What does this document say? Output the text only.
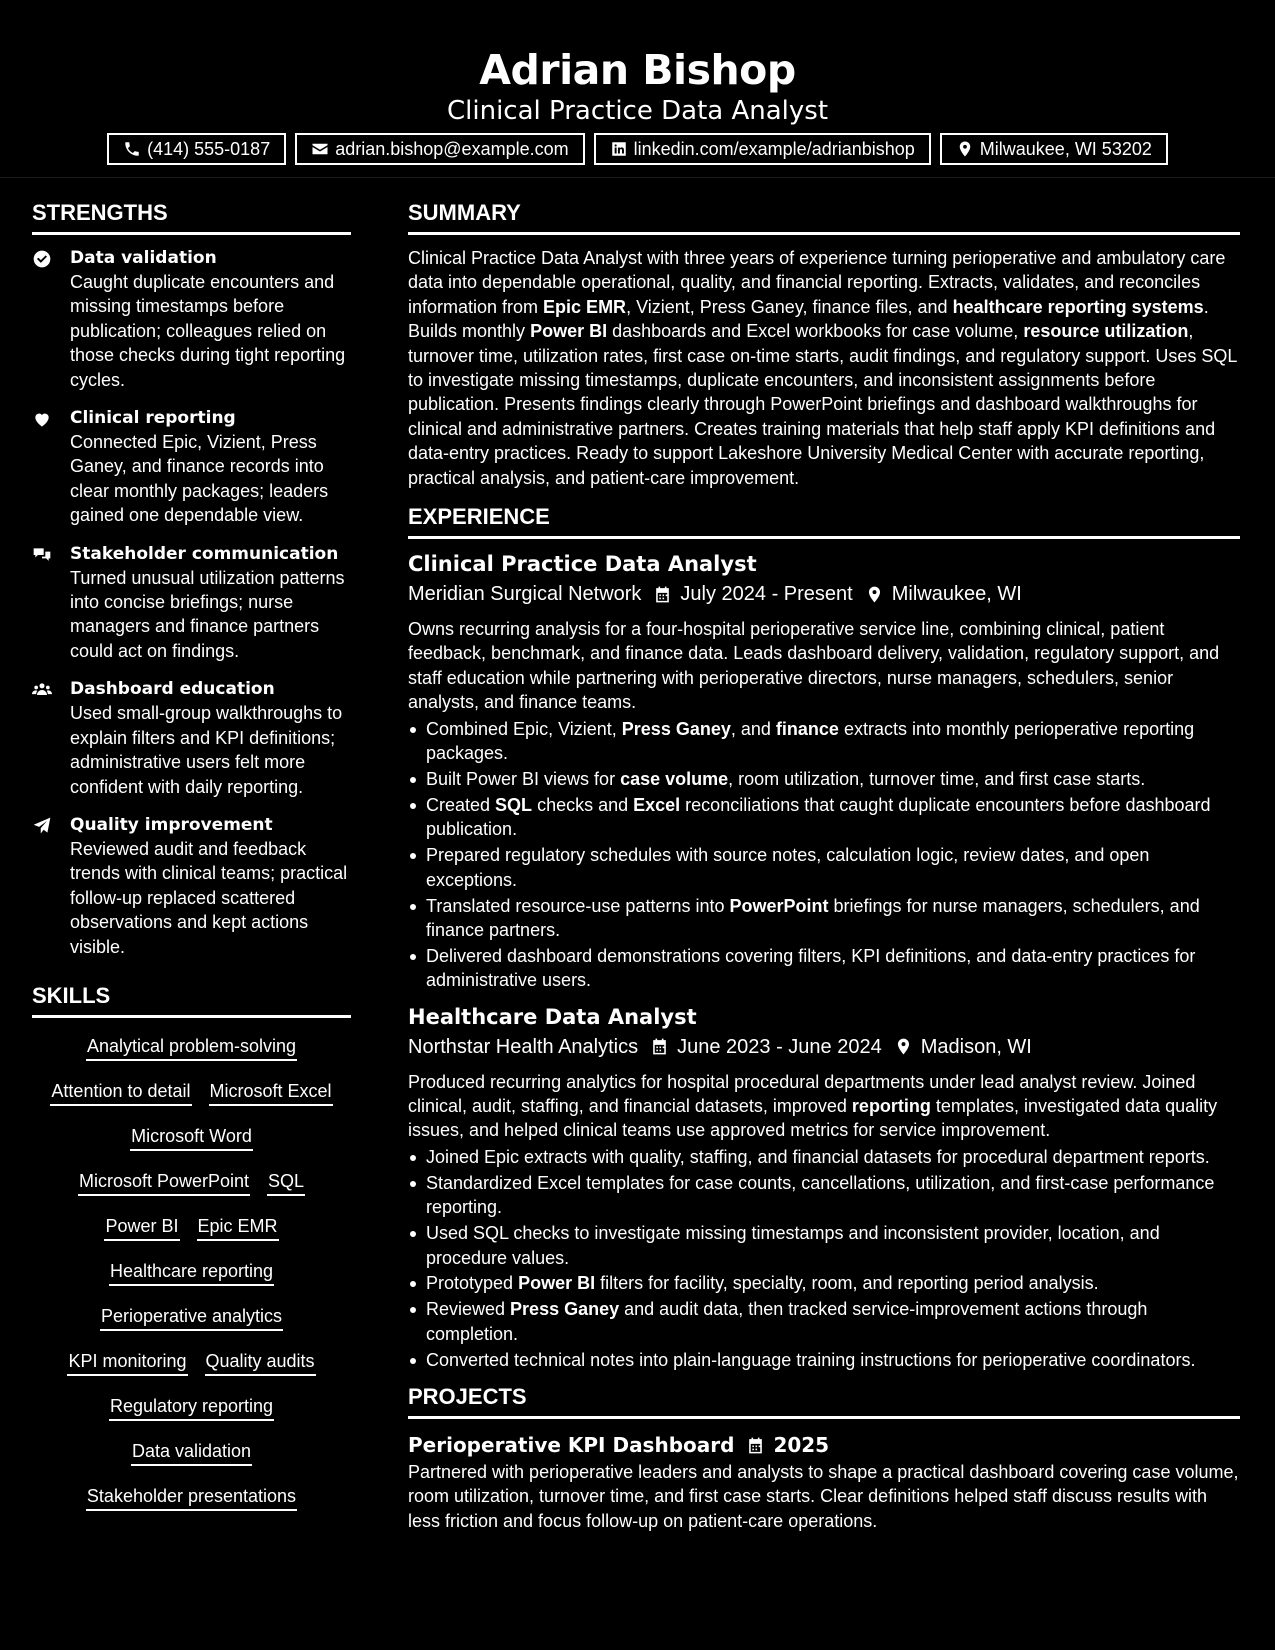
Adrian Bishop
Clinical Practice Data Analyst
(414) 555-0187	adrian.bishop@example.com	linkedin.com/example/adrianbishop	Milwaukee, WI 53202
STRENGTHS
Data validation
Caught duplicate encounters and missing timestamps before publication; colleagues relied on those checks during tight reporting cycles.
Clinical reporting
Connected Epic, Vizient, Press Ganey, and finance records into clear monthly packages; leaders gained one dependable view.
Stakeholder communication
Turned unusual utilization patterns into concise briefings; nurse managers and finance partners could act on findings.
Dashboard education
Used small-group walkthroughs to explain filters and KPI definitions; administrative users felt more confident with daily reporting.
Quality improvement
Reviewed audit and feedback trends with clinical teams; practical follow-up replaced scattered observations and kept actions visible.
SKILLS
Analytical problem-solving
Attention to detail Microsoft Excel
Microsoft Word
Microsoft PowerPoint SQL
Power BI Epic EMR
Healthcare reporting
Perioperative analytics
KPI monitoring Quality audits
Regulatory reporting
Data validation
Stakeholder presentations
SUMMARY
Clinical Practice Data Analyst with three years of experience turning perioperative and ambulatory care data into dependable operational, quality, and financial reporting. Extracts, validates, and reconciles information from Epic EMR, Vizient, Press Ganey, finance files, and healthcare reporting systems. Builds monthly Power BI dashboards and Excel workbooks for case volume, resource utilization, turnover time, utilization rates, first case on-time starts, audit findings, and regulatory support. Uses SQL to investigate missing timestamps, duplicate encounters, and inconsistent assignments before publication. Presents findings clearly through PowerPoint briefings and dashboard walkthroughs for clinical and administrative partners. Creates training materials that help staff apply KPI definitions and data-entry practices. Ready to support Lakeshore University Medical Center with accurate reporting, practical analysis, and patient-care improvement.
EXPERIENCE
Clinical Practice Data Analyst
Meridian Surgical Network July 2024 - Present Milwaukee, WI
Owns recurring analysis for a four-hospital perioperative service line, combining clinical, patient feedback, benchmark, and finance data. Leads dashboard delivery, validation, regulatory support, and staff education while partnering with perioperative directors, nurse managers, schedulers, senior analysts, and finance teams.
Combined Epic, Vizient, Press Ganey, and finance extracts into monthly perioperative reporting packages.
Built Power BI views for case volume, room utilization, turnover time, and first case starts.
Created SQL checks and Excel reconciliations that caught duplicate encounters before dashboard publication.
Prepared regulatory schedules with source notes, calculation logic, review dates, and open exceptions.
Translated resource-use patterns into PowerPoint briefings for nurse managers, schedulers, and finance partners.
Delivered dashboard demonstrations covering filters, KPI definitions, and data-entry practices for administrative users.
Healthcare Data Analyst
Northstar Health Analytics June 2023 - June 2024 Madison, WI
Produced recurring analytics for hospital procedural departments under lead analyst review. Joined clinical, audit, staffing, and financial datasets, improved reporting templates, investigated data quality issues, and helped clinical teams use approved metrics for service improvement.
Joined Epic extracts with quality, staffing, and financial datasets for procedural department reports.
Standardized Excel templates for case counts, cancellations, utilization, and first-case performance reporting.
Used SQL checks to investigate missing timestamps and inconsistent provider, location, and procedure values.
Prototyped Power BI filters for facility, specialty, room, and reporting period analysis.
Reviewed Press Ganey and audit data, then tracked service-improvement actions through completion.
Converted technical notes into plain-language training instructions for perioperative coordinators.
PROJECTS
Perioperative KPI Dashboard 2025
Partnered with perioperative leaders and analysts to shape a practical dashboard covering case volume, room utilization, turnover time, and first case starts. Clear definitions helped staff discuss results with less friction and focus follow-up on patient-care operations.
